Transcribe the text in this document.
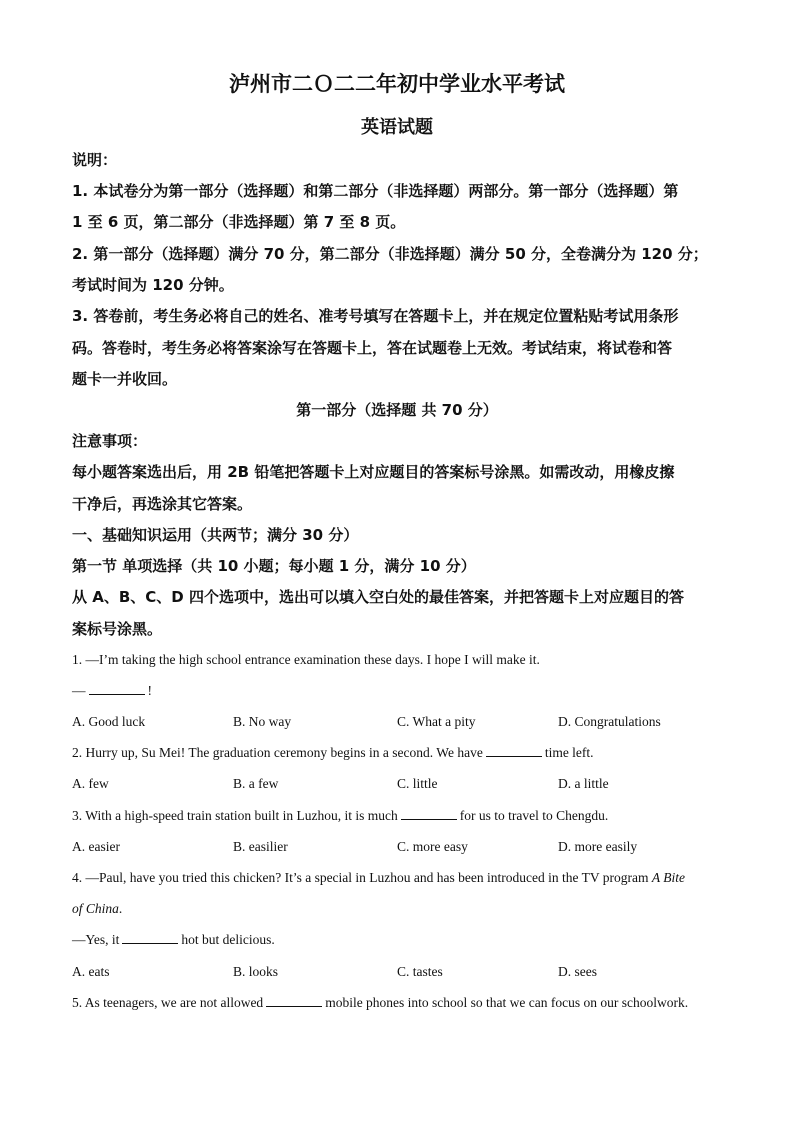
泸州市二Ｏ二二年初中学业水平考试
英语试题
说明：
1. 本试卷分为第一部分（选择题）和第二部分（非选择题）两部分。第一部分（选择题）第
1 至 6 页，第二部分（非选择题）第 7 至 8 页。
2. 第一部分（选择题）满分 70 分，第二部分（非选择题）满分 50 分，全卷满分为 120 分；
考试时间为 120 分钟。
3. 答卷前，考生务必将自己的姓名、准考号填写在答题卡上，并在规定位置粘贴考试用条形
码。答卷时，考生务必将答案涂写在答题卡上，答在试题卷上无效。考试结束，将试卷和答
题卡一并收回。
第一部分（选择题 共 70 分）
注意事项：
每小题答案选出后，用 2B 铅笔把答题卡上对应题目的答案标号涂黑。如需改动，用橡皮擦
干净后，再选涂其它答案。
一、基础知识运用（共两节；满分 30 分）
第一节 单项选择（共 10 小题；每小题 1 分，满分 10 分）
从 A、B、C、D 四个选项中，选出可以填入空白处的最佳答案，并把答题卡上对应题目的答
案标号涂黑。
1. —I’m taking the high school entrance examination these days. I hope I will make it.
—	!
A. Good luck	B. No way	C. What a pity	D. Congratulations
2. Hurry up, Su Mei! The graduation ceremony begins in a second. We have	time left.
A. few	B. a few	C. little	D. a little
3. With a high-speed train station built in Luzhou, it is much	for us to travel to Chengdu.
A. easier	B. easilier	C. more easy	D. more easily
4. —Paul, have you tried this chicken? It’s a special in Luzhou and has been introduced in the TV program A Bite
of China.
—Yes, it	hot but delicious.
A. eats	B. looks	C. tastes	D. sees
5. As teenagers, we are not allowed	mobile phones into school so that we can focus on our schoolwork.
